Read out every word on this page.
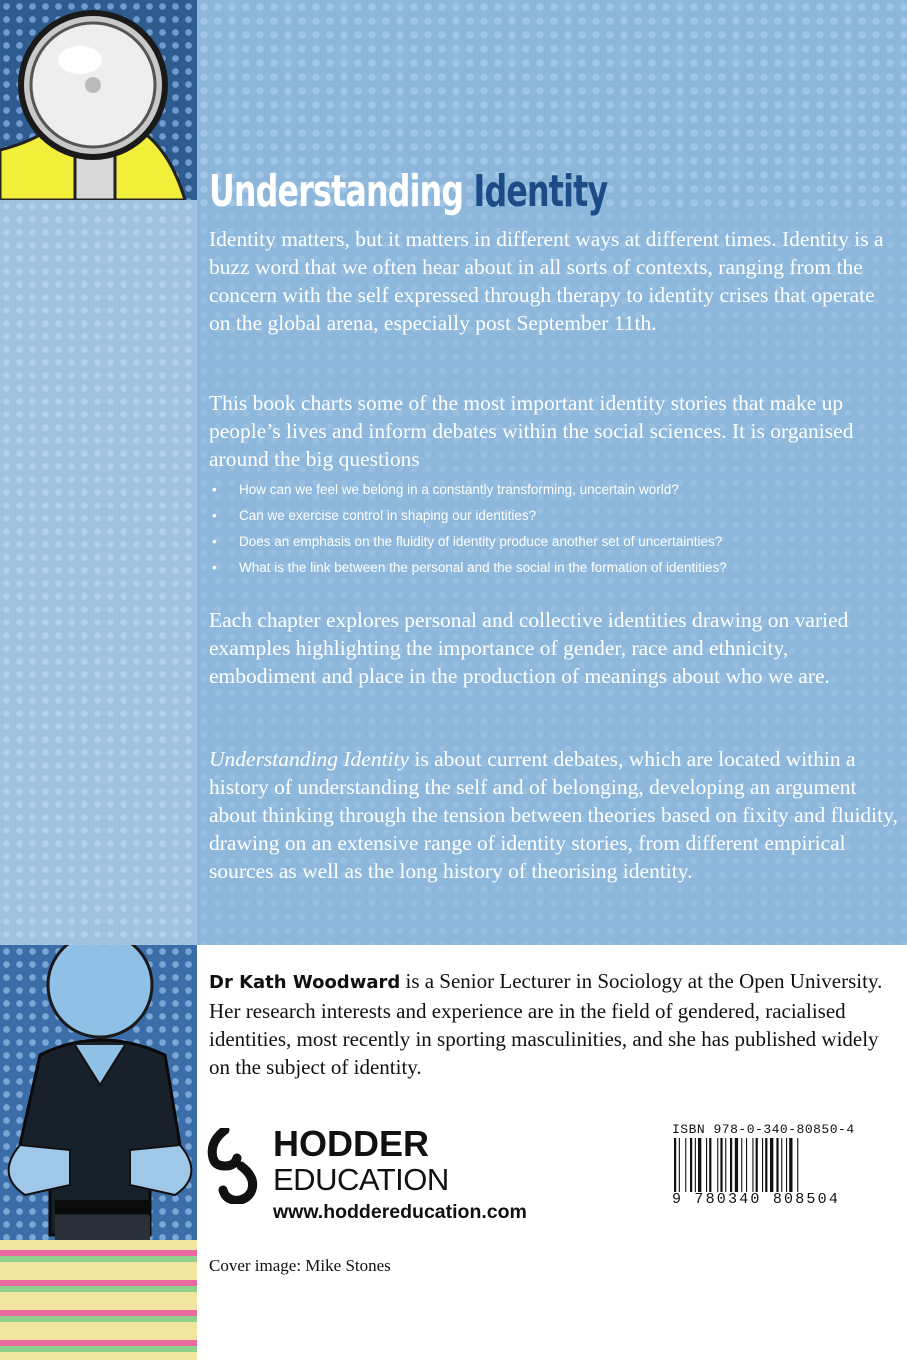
Understanding Identity
Identity matters, but it matters in different ways at different times. Identity is a buzz word that we often hear about in all sorts of contexts, ranging from the concern with the self expressed through therapy to identity crises that operate on the global arena, especially post September 11th.
This book charts some of the most important identity stories that make up people’s lives and inform debates within the social sciences. It is organised around the big questions
• How can we feel we belong in a constantly transforming, uncertain world?
• Can we exercise control in shaping our identities?
• Does an emphasis on the fluidity of identity produce another set of uncertainties?
• What is the link between the personal and the social in the formation of identities?
Each chapter explores personal and collective identities drawing on varied examples highlighting the importance of gender, race and ethnicity, embodiment and place in the production of meanings about who we are.
Understanding Identity is about current debates, which are located within a history of understanding the self and of belonging, developing an argument about thinking through the tension between theories based on fixity and fluidity, drawing on an extensive range of identity stories, from different empirical sources as well as the long history of theorising identity.
Dr Kath Woodward is a Senior Lecturer in Sociology at the Open University. Her research interests and experience are in the field of gendered, racialised identities, most recently in sporting masculinities, and she has published widely on the subject of identity.
HODDER
EDUCATION
www.hoddereducation.com
ISBN 978-0-340-80850-4
9 780340 808504
Cover image: Mike Stones
